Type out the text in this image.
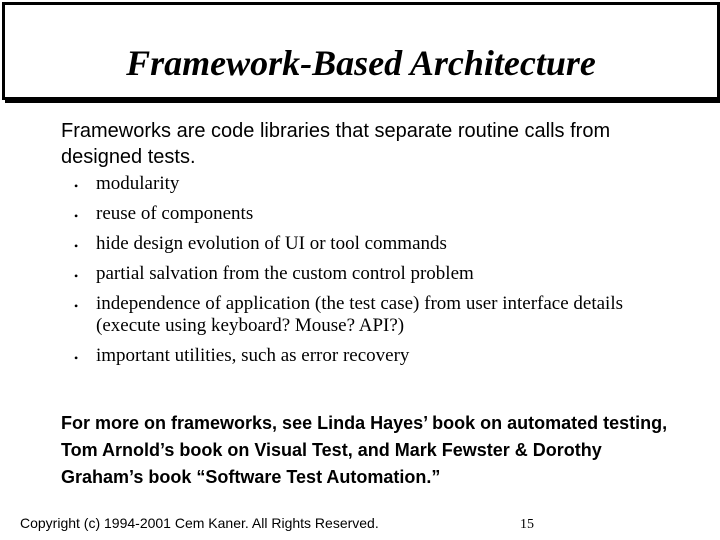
Framework-Based Architecture
Frameworks are code libraries that separate routine calls from designed tests.
• modularity
• reuse of components
• hide design evolution of UI or tool commands
• partial salvation from the custom control problem
• independence of application (the test case) from user interface details (execute using keyboard? Mouse? API?)
• important utilities, such as error recovery
For more on frameworks, see Linda Hayes’ book on automated testing, Tom Arnold’s book on Visual Test, and Mark Fewster & Dorothy Graham’s book “Software Test Automation.”
Copyright (c) 1994-2001 Cem Kaner. All Rights Reserved.	15
